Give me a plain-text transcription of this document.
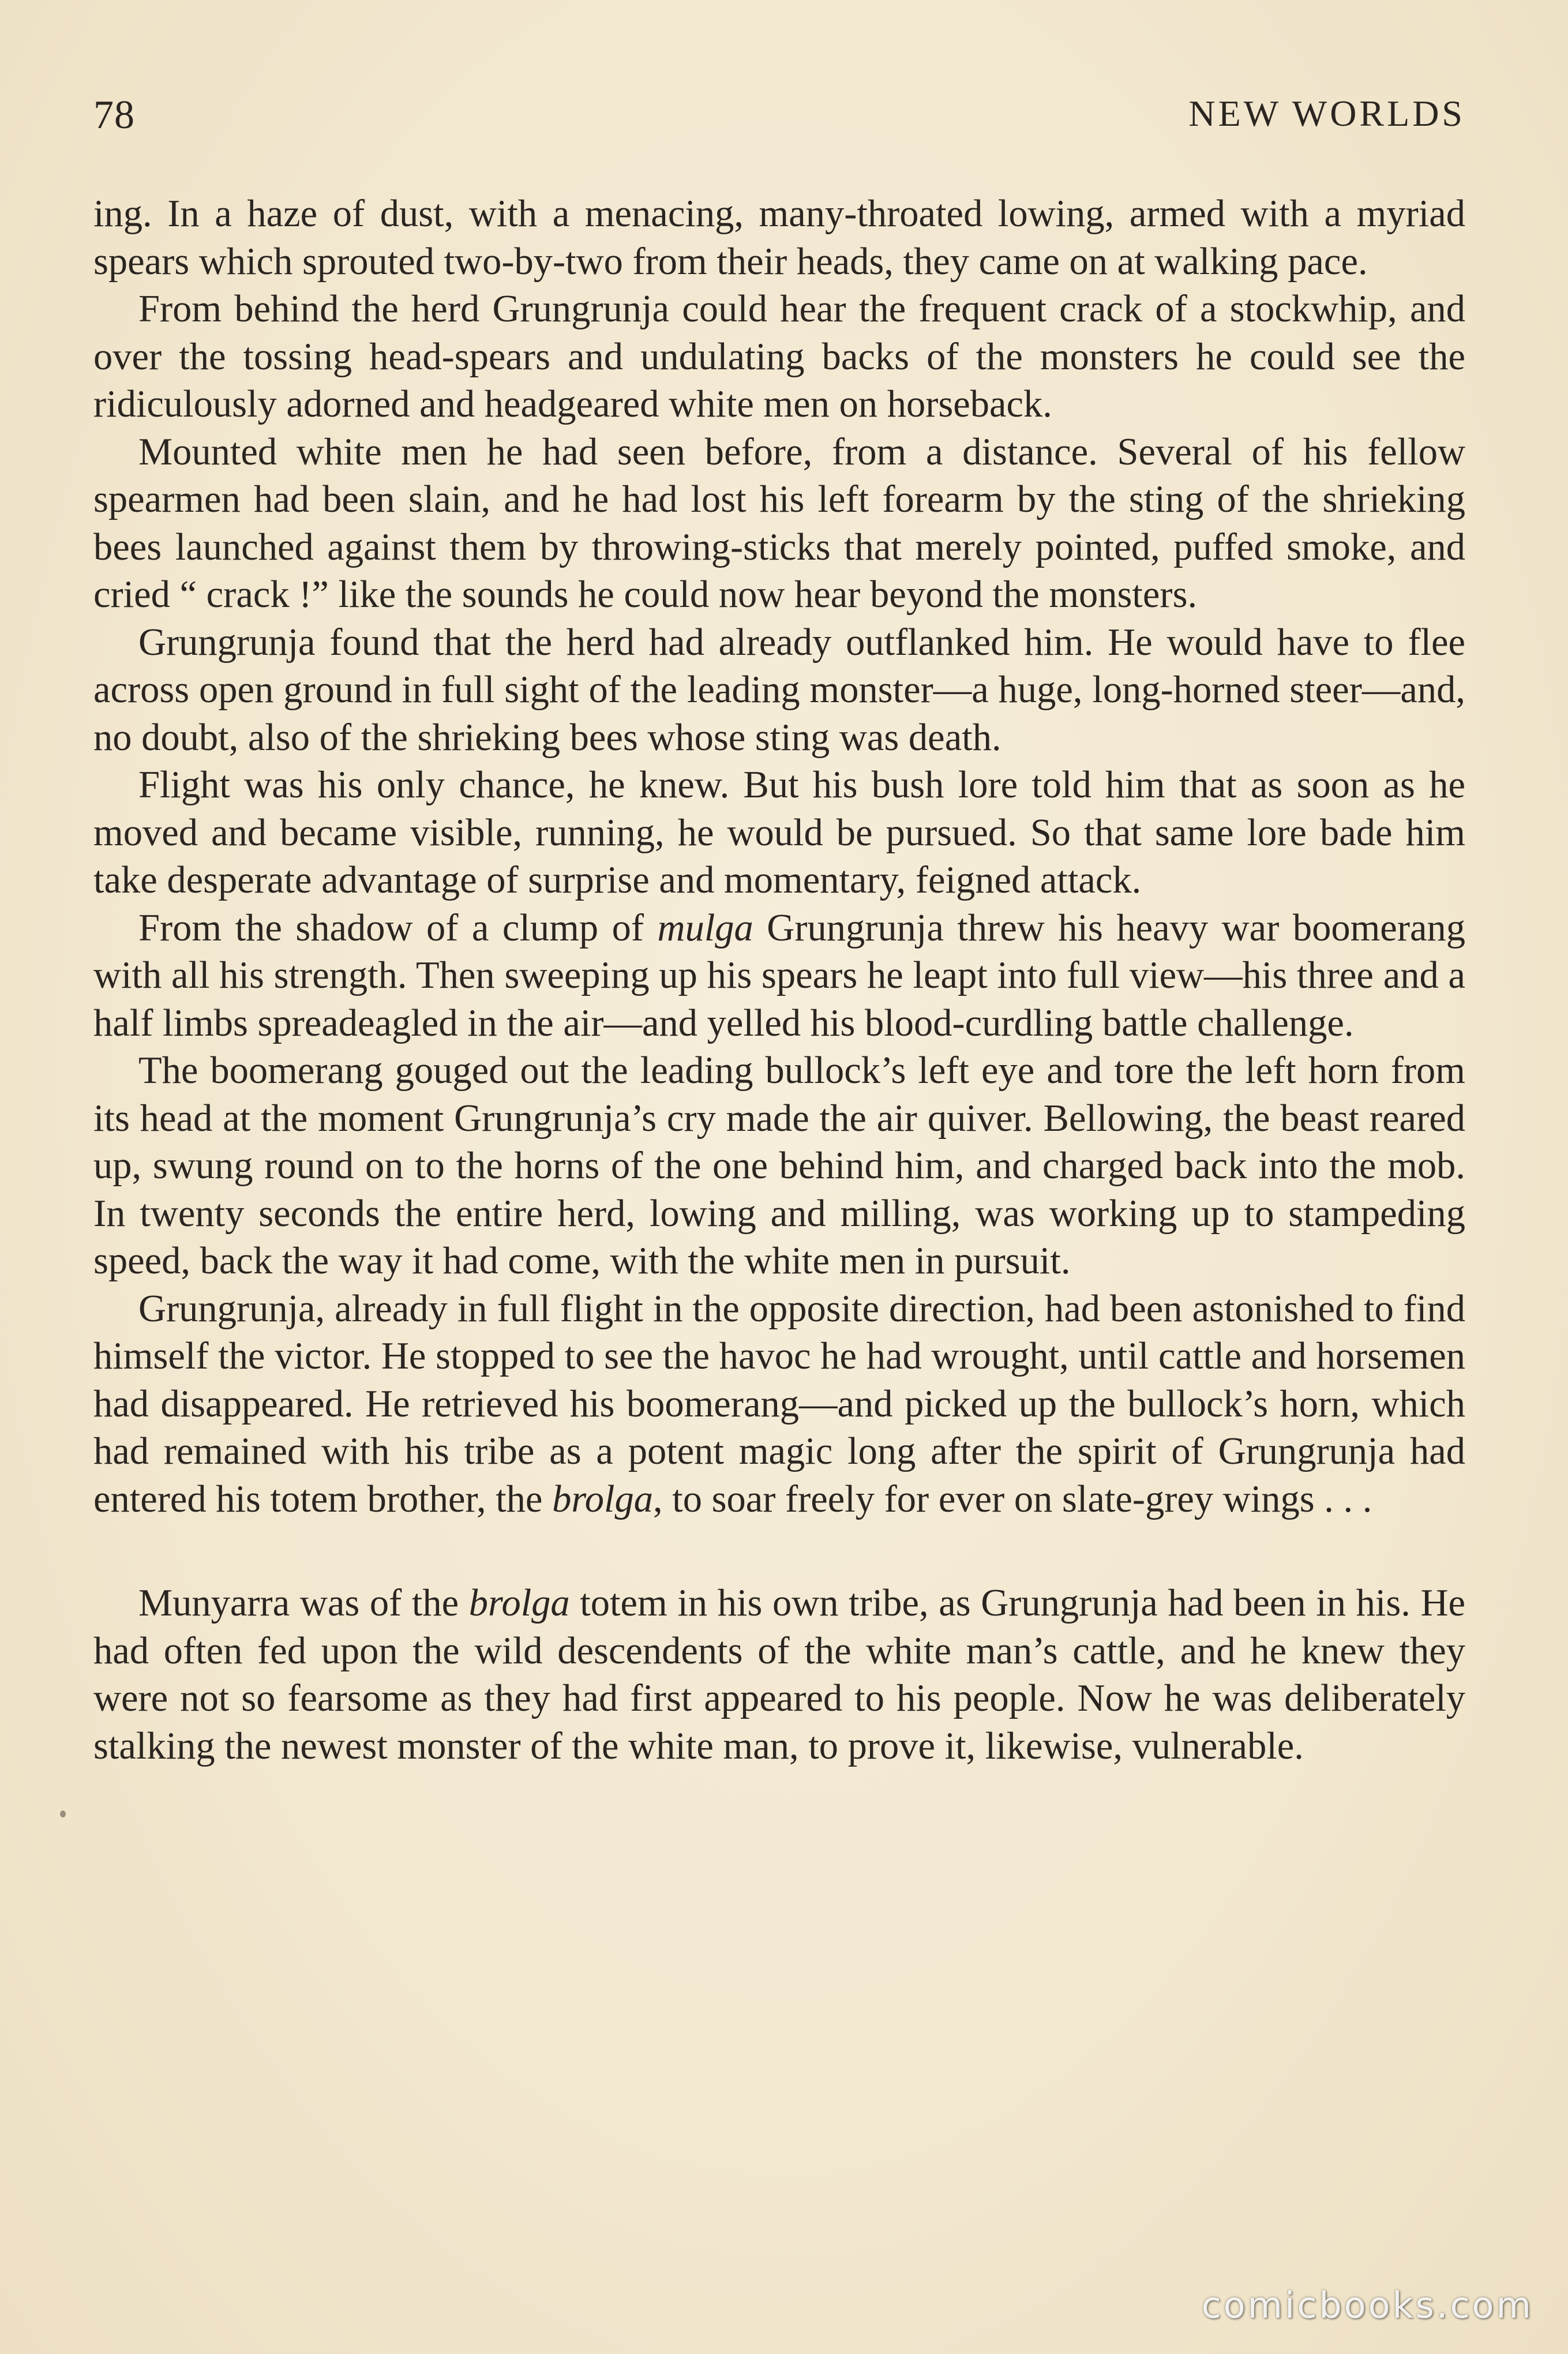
78	NEW WORLDS

ing. In a haze of dust, with a menacing, many-throated lowing, armed with a myriad spears which sprouted two-by-two from their heads, they came on at walking pace.

From behind the herd Grungrunja could hear the frequent crack of a stockwhip, and over the tossing head-spears and undulating backs of the monsters he could see the ridiculously adorned and headgeared white men on horseback.

Mounted white men he had seen before, from a distance. Several of his fellow spearmen had been slain, and he had lost his left forearm by the sting of the shrieking bees launched against them by throwing-sticks that merely pointed, puffed smoke, and cried “ crack !” like the sounds he could now hear beyond the monsters.

Grungrunja found that the herd had already outflanked him. He would have to flee across open ground in full sight of the leading monster—a huge, long-horned steer—and, no doubt, also of the shrieking bees whose sting was death.

Flight was his only chance, he knew. But his bush lore told him that as soon as he moved and became visible, running, he would be pursued. So that same lore bade him take desperate advantage of surprise and momentary, feigned attack.

From the shadow of a clump of mulga Grungrunja threw his heavy war boomerang with all his strength. Then sweeping up his spears he leapt into full view—his three and a half limbs spreadeagled in the air—and yelled his blood-curdling battle challenge.

The boomerang gouged out the leading bullock’s left eye and tore the left horn from its head at the moment Grungrunja’s cry made the air quiver. Bellowing, the beast reared up, swung round on to the horns of the one behind him, and charged back into the mob. In twenty seconds the entire herd, lowing and milling, was working up to stampeding speed, back the way it had come, with the white men in pursuit.

Grungrunja, already in full flight in the opposite direction, had been astonished to find himself the victor. He stopped to see the havoc he had wrought, until cattle and horsemen had disappeared. He retrieved his boomerang—and picked up the bullock’s horn, which had remained with his tribe as a potent magic long after the spirit of Grungrunja had entered his totem brother, the brolga, to soar freely for ever on slate-grey wings . . .

Munyarra was of the brolga totem in his own tribe, as Grungrunja had been in his. He had often fed upon the wild descendents of the white man’s cattle, and he knew they were not so fearsome as they had first appeared to his people. Now he was deliberately stalking the newest monster of the white man, to prove it, likewise, vulnerable.

comicbooks.com
